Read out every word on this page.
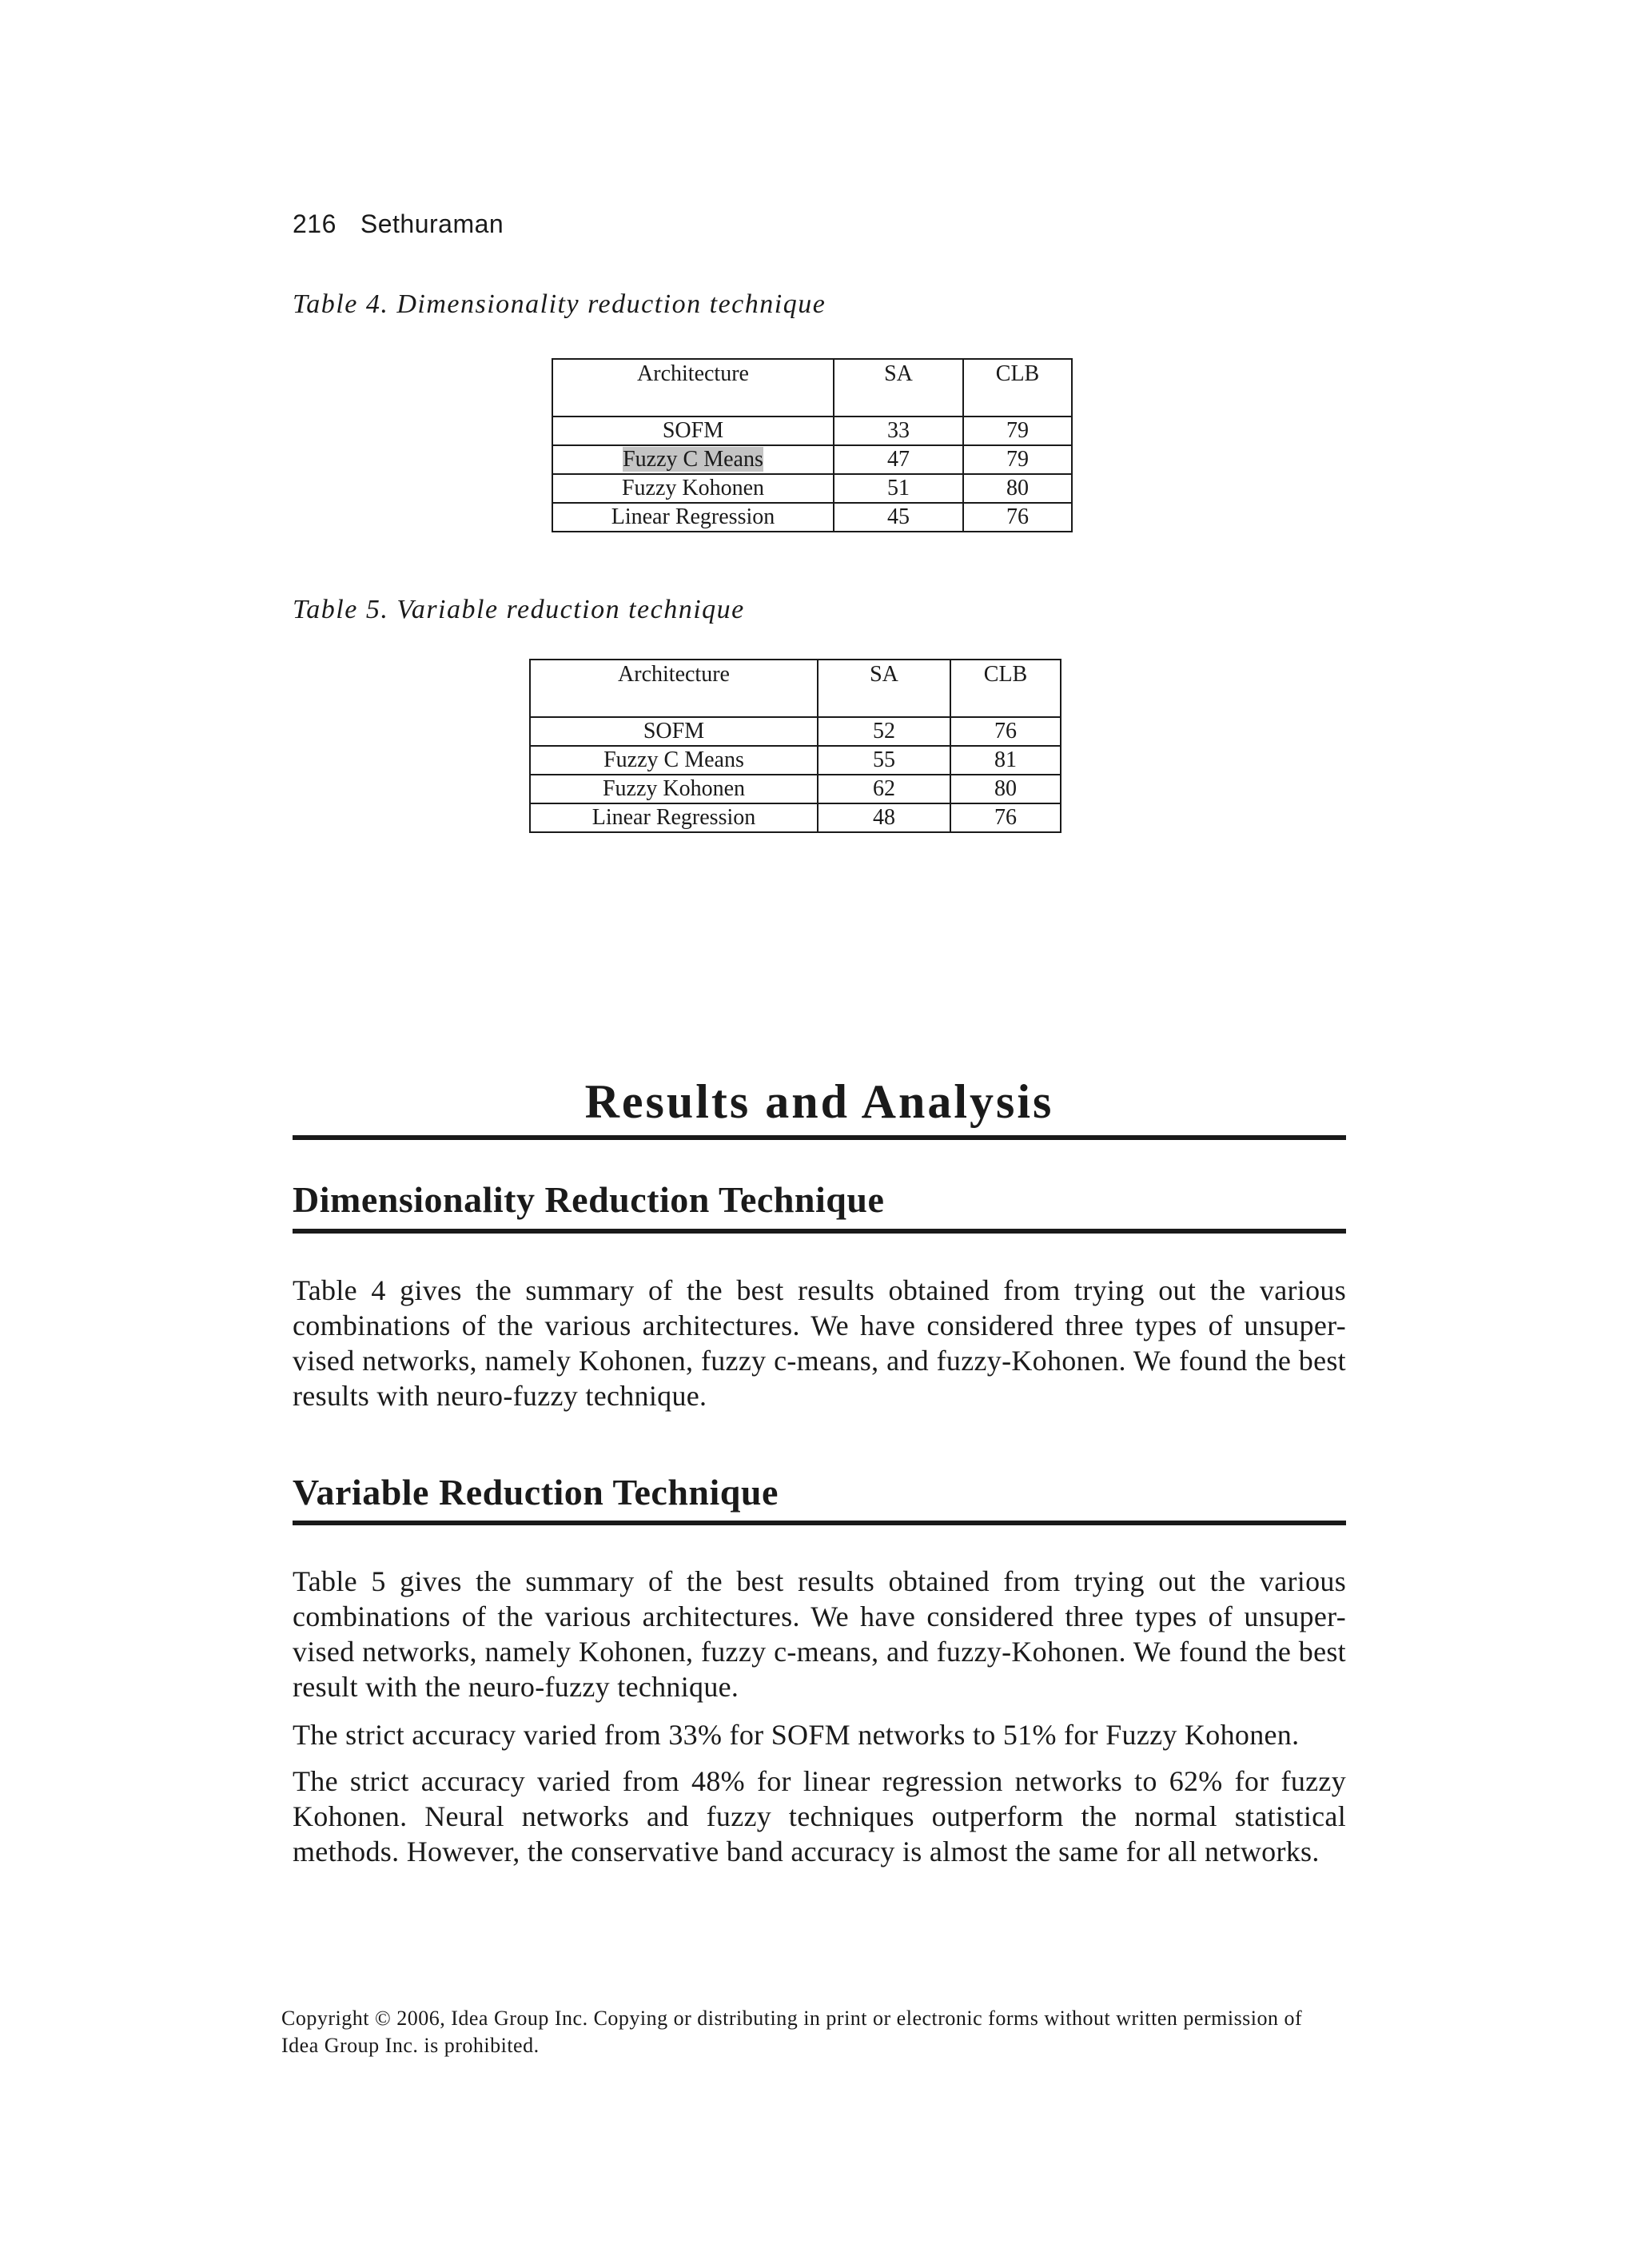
216 Sethuraman
Table 4. Dimensionality reduction technique
Architecture	SA	CLB
SOFM	33	79
Fuzzy C Means	47	79
Fuzzy Kohonen	51	80
Linear Regression	45	76
Table 5. Variable reduction technique
Architecture	SA	CLB
SOFM	52	76
Fuzzy C Means	55	81
Fuzzy Kohonen	62	80
Linear Regression	48	76
Results and Analysis
Dimensionality Reduction Technique
Table 4 gives the summary of the best results obtained from trying out the various combinations of the various architectures. We have considered three types of unsuper-vised networks, namely Kohonen, fuzzy c-means, and fuzzy-Kohonen. We found the best results with neuro-fuzzy technique.
Variable Reduction Technique
Table 5 gives the summary of the best results obtained from trying out the various combinations of the various architectures. We have considered three types of unsuper-vised networks, namely Kohonen, fuzzy c-means, and fuzzy-Kohonen. We found the best result with the neuro-fuzzy technique.
The strict accuracy varied from 33% for SOFM networks to 51% for Fuzzy Kohonen.
The strict accuracy varied from 48% for linear regression networks to 62% for fuzzy Kohonen. Neural networks and fuzzy techniques outperform the normal statistical methods. However, the conservative band accuracy is almost the same for all networks.
Copyright © 2006, Idea Group Inc. Copying or distributing in print or electronic forms without written permission of Idea Group Inc. is prohibited.
